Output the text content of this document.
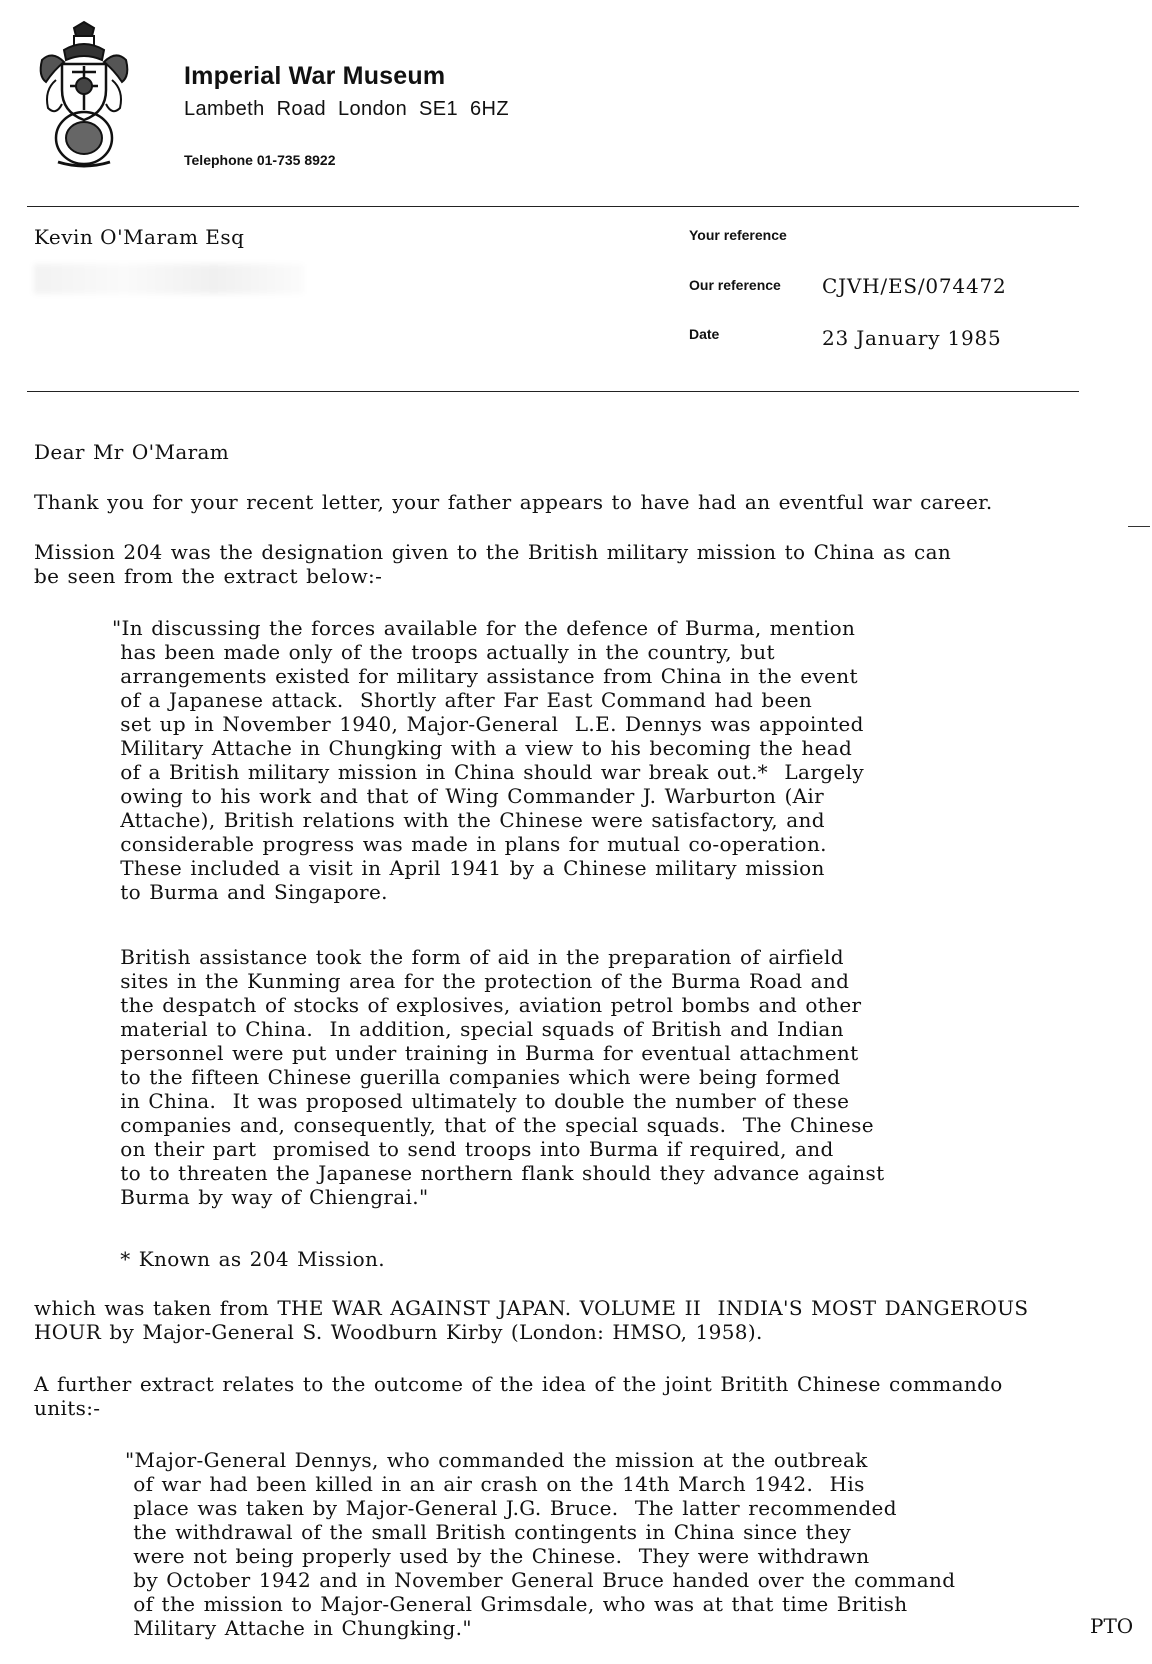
Imperial War Museum
Lambeth Road London SE1 6HZ
Telephone 01-735 8922
Kevin O'Maram Esq	Your reference
Our reference CJVH/ES/074472
Date	23 January 1985

Dear Mr O'Maram

Thank you for your recent letter, your father appears to have had an eventful war career.

Mission 204 was the designation given to the British military mission to China as can
be seen from the extract below:-

"In discussing the forces available for the defence of Burma, mention
has been made only of the troops actually in the country, but
arrangements existed for military assistance from China in the event
of a Japanese attack.  Shortly after Far East Command had been
set up in November 1940, Major-General  L.E. Dennys was appointed
Military Attache in Chungking with a view to his becoming the head
of a British military mission in China should war break out.*  Largely
owing to his work and that of Wing Commander J. Warburton (Air
Attache), British relations with the Chinese were satisfactory, and
considerable progress was made in plans for mutual co-operation.
These included a visit in April 1941 by a Chinese military mission
to Burma and Singapore.

British assistance took the form of aid in the preparation of airfield
sites in the Kunming area for the protection of the Burma Road and
the despatch of stocks of explosives, aviation petrol bombs and other
material to China.  In addition, special squads of British and Indian
personnel were put under training in Burma for eventual attachment
to the fifteen Chinese guerilla companies which were being formed
in China.  It was proposed ultimately to double the number of these
companies and, consequently, that of the special squads.  The Chinese
on their part  promised to send troops into Burma if required, and
to to threaten the Japanese northern flank should they advance against
Burma by way of Chiengrai."

* Known as 204 Mission.

which was taken from THE WAR AGAINST JAPAN. VOLUME II  INDIA'S MOST DANGEROUS
HOUR by Major-General S. Woodburn Kirby (London: HMSO, 1958).

A further extract relates to the outcome of the idea of the joint Britith Chinese commando
units:-

"Major-General Dennys, who commanded the mission at the outbreak
of war had been killed in an air crash on the 14th March 1942.  His
place was taken by Major-General J.G. Bruce.  The latter recommended
the withdrawal of the small British contingents in China since they
were not being properly used by the Chinese.  They were withdrawn
by October 1942 and in November General Bruce handed over the command
of the mission to Major-General Grimsdale, who was at that time British
Military Attache in Chungking."	PTO
